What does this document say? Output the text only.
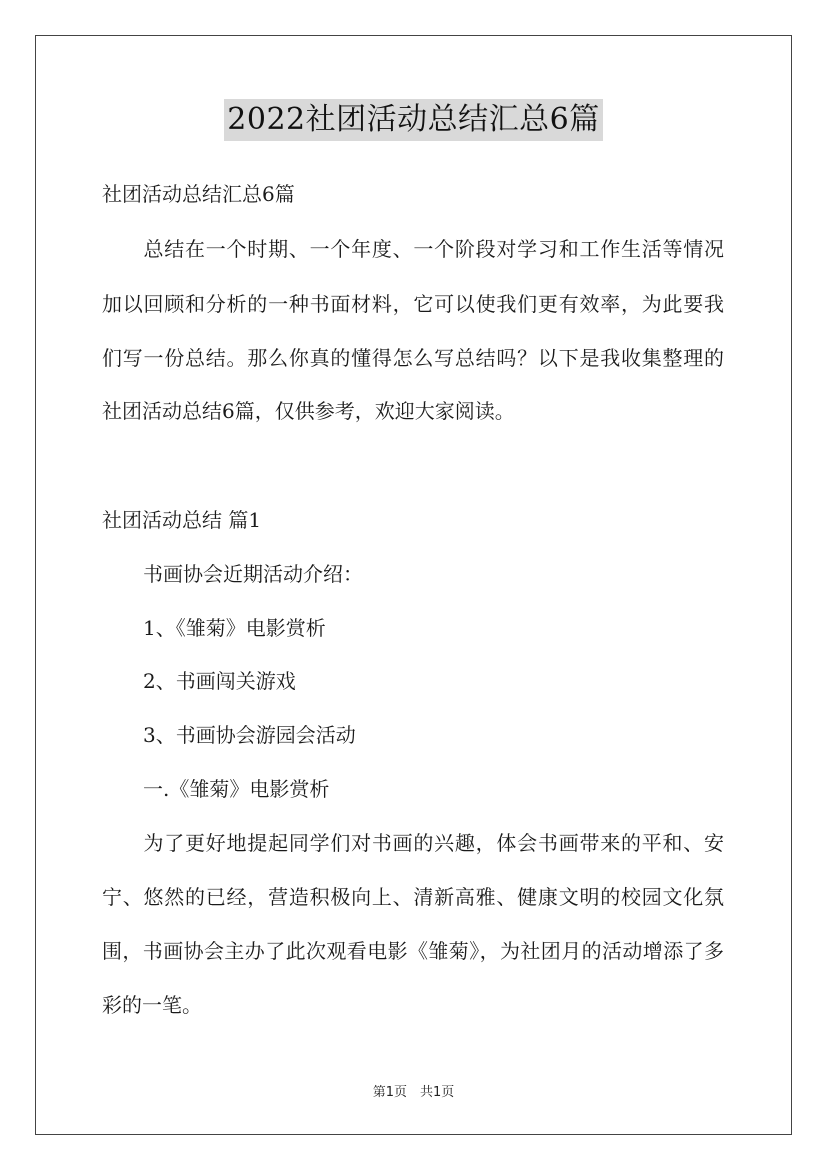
2022社团活动总结汇总6篇
社团活动总结汇总6篇
　　总结在一个时期、一个年度、一个阶段对学习和工作生活等情况
加以回顾和分析的一种书面材料，它可以使我们更有效率，为此要我
们写一份总结。那么你真的懂得怎么写总结吗？以下是我收集整理的
社团活动总结6篇，仅供参考，欢迎大家阅读。
社团活动总结 篇1
书画协会近期活动介绍：
1、《雏菊》电影赏析
2、书画闯关游戏
3、书画协会游园会活动
一.《雏菊》电影赏析
　　为了更好地提起同学们对书画的兴趣，体会书画带来的平和、安
宁、悠然的已经，营造积极向上、清新高雅、健康文明的校园文化氛
围，书画协会主办了此次观看电影《雏菊》，为社团月的活动增添了多
彩的一笔。
第1页　共1页
